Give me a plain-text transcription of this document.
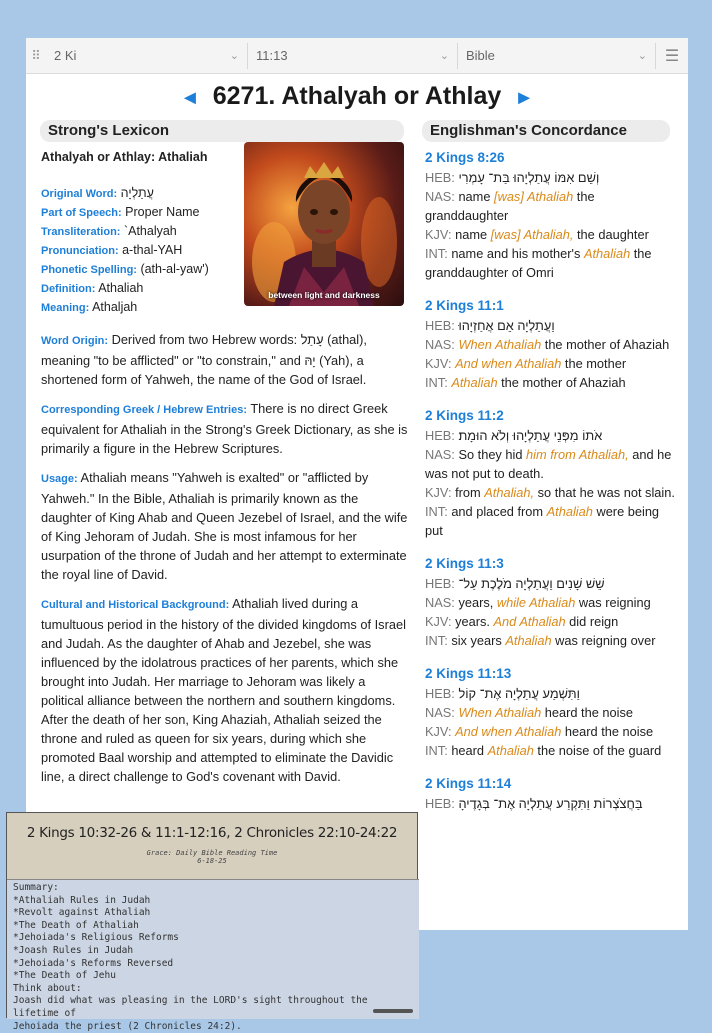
⠿	2 Ki	⌄ 11:13	⌄ Bible	⌄	☰
◄ 6271. Athalyah or Athlay ►
Strong's Lexicon	Englishman's Concordance
Athalyah or Athlay: Athaliah
between light and darkness
Original Word: עֲתַלְיָה
Part of Speech: Proper Name
Transliteration: `Athalyah
Pronunciation: a-thal-YAH
Phonetic Spelling: (ath-al-yaw')
Definition: Athaliah
Meaning: Athaljah

Word Origin: Derived from two Hebrew words: עָתַל (athal), meaning "to be afflicted" or "to constrain," and יָהּ (Yah), a shortened form of Yahweh, the name of the God of Israel.

Corresponding Greek / Hebrew Entries: There is no direct Greek equivalent for Athaliah in the Strong's Greek Dictionary, as she is primarily a figure in the Hebrew Scriptures.

Usage: Athaliah means "Yahweh is exalted" or "afflicted by Yahweh." In the Bible, Athaliah is primarily known as the daughter of King Ahab and Queen Jezebel of Israel, and the wife of King Jehoram of Judah. She is most infamous for her usurpation of the throne of Judah and her attempt to exterminate the royal line of David.

Cultural and Historical Background: Athaliah lived during a tumultuous period in the history of the divided kingdoms of Israel and Judah. As the daughter of Ahab and Jezebel, she was influenced by the idolatrous practices of her parents, which she brought into Judah. Her marriage to Jehoram was likely a political alliance between the northern and southern kingdoms. After the death of her son, King Ahaziah, Athaliah seized the throne and ruled as queen for six years, during which she promoted Baal worship and attempted to eliminate the Davidic line, a direct challenge to God's covenant with David.

2 Kings 8:26
HEB: וְשֵׁם אִמּוֹ עֲתַלְיָהוּ בַּת־ עָמְרִי
NAS: name [was] Athaliah the granddaughter
KJV: name [was] Athaliah, the daughter
INT: name and his mother's Athaliah the granddaughter of Omri
2 Kings 11:1
HEB: וַעֲתַלְיָה אֵם אֲחַזְיָהוּ
NAS: When Athaliah the mother of Ahaziah
KJV: And when Athaliah the mother
INT: Athaliah the mother of Ahaziah
2 Kings 11:2
HEB: אֹתוֹ מִפְּנֵי עֲתַלְיָהוּ וְלֹא הוּמָת׃
NAS: So they hid him from Athaliah, and he was not put to death.
KJV: from Athaliah, so that he was not slain.
INT: and placed from Athaliah were being put
2 Kings 11:3
HEB: שֵׁשׁ שָׁנִים וַעֲתַלְיָה מֹלֶכֶת עַל־
NAS: years, while Athaliah was reigning
KJV: years. And Athaliah did reign
INT: six years Athaliah was reigning over
2 Kings 11:13
HEB: וַתִּשְׁמַע עֲתַלְיָה אֶת־ קוֹל
NAS: When Athaliah heard the noise
KJV: And when Athaliah heard the noise
INT: heard Athaliah the noise of the guard
2 Kings 11:14
HEB: בַּחֲצֹצְרוֹת וַתִּקְרַע עֲתַלְיָה אֶת־ בְּגָדֶיהָ
2 Kings 10:32-26 & 11:1-12:16, 2 Chronicles 22:10-24:22
Grace: Daily Bible Reading Time
6-18-25
Summary:
*Athaliah Rules in Judah
*Revolt against Athaliah
*The Death of Athaliah
*Jehoiada's Religious Reforms
*Joash Rules in Judah
*Jehoiada's Reforms Reversed
*The Death of Jehu
Think about:
Joash did what was pleasing in the LORD's sight throughout the lifetime of
Jehoiada the priest (2 Chronicles 24:2).
